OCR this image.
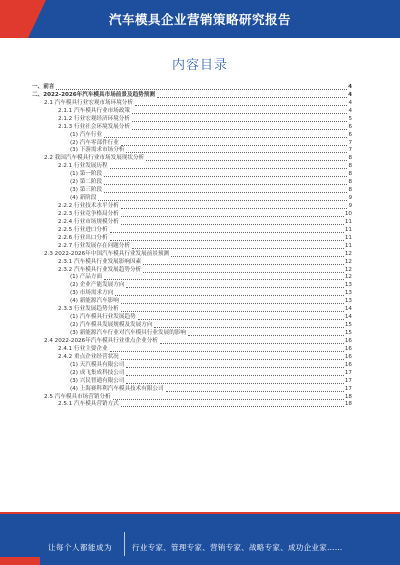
汽车模具企业营销策略研究报告
内容目录
一、前言	4
二、2022-2026年汽车模具市场前景及趋势预测	4
2.1 汽车模具行业宏观市场环境分析	4
2.1.1 汽车模具行业市场政策	4
2.1.2 行业宏观经济环境分析	5
2.1.3 行业社会环境发展分析	6
(1) 汽车行业	6
(2) 汽车零部件行业	7
(3) 下游需求市场分析	7
2.2 我国汽车模具行业市场发展现状分析	8
2.2.1 行业发展历程	8
(1) 第一阶段	8
(2) 第二阶段	8
(3) 第三阶段	8
(4) 新阶段	9
2.2.2 行业技术水平分析	9
2.2.3 行业竞争格局分析	10
2.2.4 行业市场规模分析	11
2.2.5 行业进口分析	11
2.2.6 行业出口分析	11
2.2.7 行业发展存在问题分析	11
2.3 2022-2026年中国汽车模具行业发展前景预测	12
2.3.1 汽车模具行业发展影响因素	12
2.3.2 汽车模具行业发展趋势分析	12
(1) 产品方面	12
(2) 企业产能发展方向	13
(3) 市场需求方向	13
(4) 新能源汽车影响	13
2.3.3 行业发展趋势分析	14
(1) 汽车模具行业发展趋势	14
(2) 汽车模具发展规模及发展方向	15
(3) 新能源汽车行业对汽车模具行业发展的影响	15
2.4 2022-2026年汽车模具行业重点企业分析	16
2.4.1 行业主要企业	16
2.4.2 重点企业经营状况	16
(1) 天汽模具有限公司	16
(2) 成飞集成科技公司	17
(3) 兴民智通有限公司	17
(4) 上海赛科利汽车模具技术有限公司	17
2.5 汽车模具市场营销分析	18
2.5.1 汽车模具营销方式	18
让每个人都能成为	行业专家、管理专家、营销专家、战略专家、成功企业家……
